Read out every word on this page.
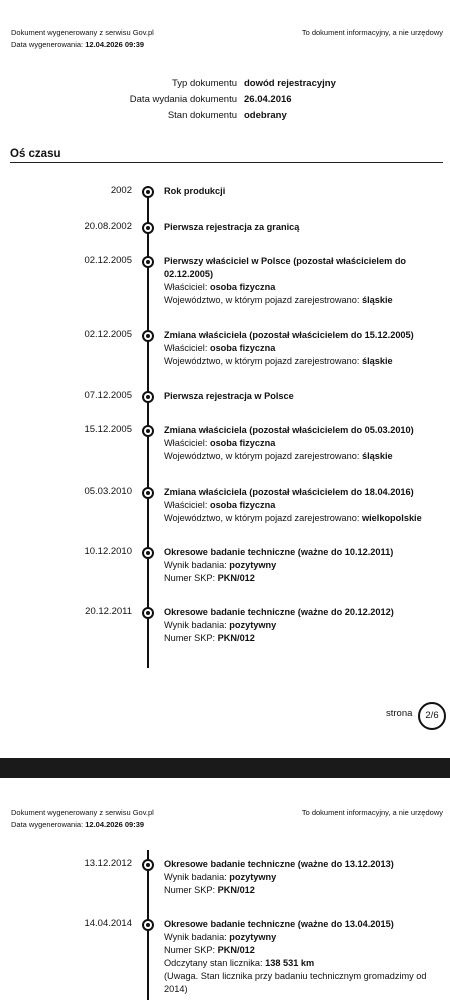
Dokument wygenerowany z serwisu Gov.pl
Data wygenerowania: 12.04.2026 09:39
To dokument informacyjny, a nie urzędowy
Typ dokumentu dowód rejestracyjny
Data wydania dokumentu 26.04.2016
Stan dokumentu odebrany
Oś czasu
2002	Rok produkcji
20.08.2002	Pierwsza rejestracja za granicą
02.12.2005	Pierwszy właściciel w Polsce (pozostał właścicielem do 02.12.2005)
Właściciel: osoba fizyczna
Województwo, w którym pojazd zarejestrowano: śląskie
02.12.2005	Zmiana właściciela (pozostał właścicielem do 15.12.2005)
Właściciel: osoba fizyczna
Województwo, w którym pojazd zarejestrowano: śląskie
07.12.2005	Pierwsza rejestracja w Polsce
15.12.2005	Zmiana właściciela (pozostał właścicielem do 05.03.2010)
Właściciel: osoba fizyczna
Województwo, w którym pojazd zarejestrowano: śląskie
05.03.2010	Zmiana właściciela (pozostał właścicielem do 18.04.2016)
Właściciel: osoba fizyczna
Województwo, w którym pojazd zarejestrowano: wielkopolskie
10.12.2010	Okresowe badanie techniczne (ważne do 10.12.2011)
Wynik badania: pozytywny
Numer SKP: PKN/012
20.12.2011	Okresowe badanie techniczne (ważne do 20.12.2012)
Wynik badania: pozytywny
Numer SKP: PKN/012
strona	2/6
Dokument wygenerowany z serwisu Gov.pl
Data wygenerowania: 12.04.2026 09:39
To dokument informacyjny, a nie urzędowy
13.12.2012	Okresowe badanie techniczne (ważne do 13.12.2013)
Wynik badania: pozytywny
Numer SKP: PKN/012
14.04.2014	Okresowe badanie techniczne (ważne do 13.04.2015)
Wynik badania: pozytywny
Numer SKP: PKN/012
Odczytany stan licznika: 138 531 km
(Uwaga. Stan licznika przy badaniu technicznym gromadzimy od 2014)
